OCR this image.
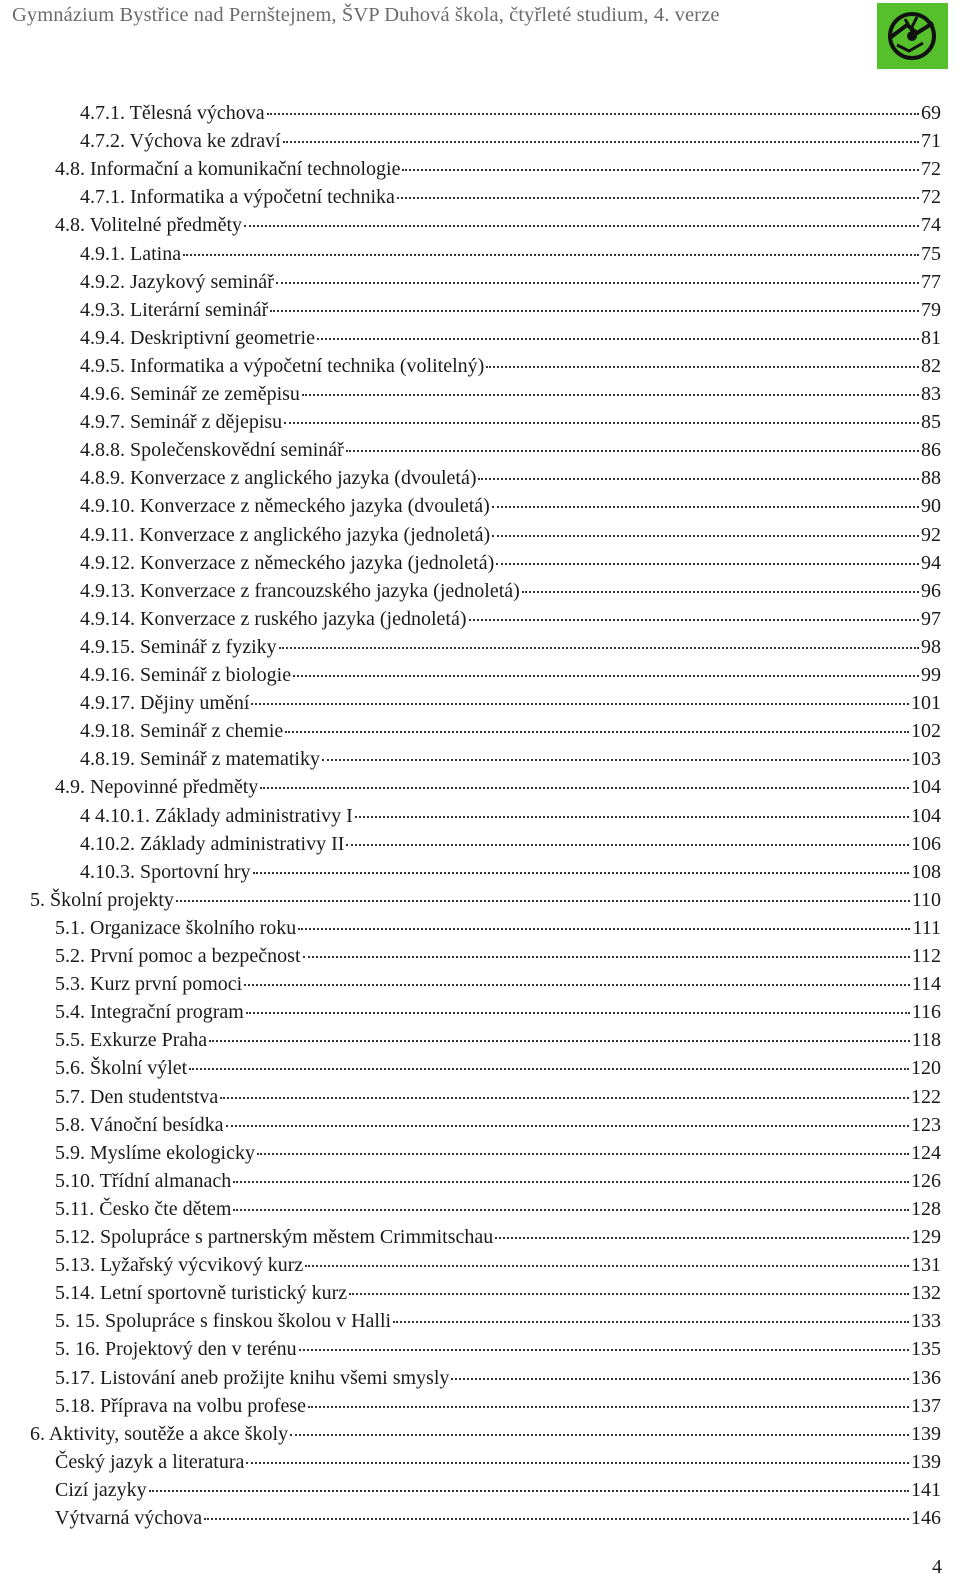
Gymnázium Bystřice nad Pernštejnem, ŠVP Duhová škola, čtyřleté studium, 4. verze
4.7.1. Tělesná výchova	69
4.7.2. Výchova ke zdraví	71
4.8. Informační a komunikační technologie	72
4.7.1. Informatika a výpočetní technika	72
4.8. Volitelné předměty	74
4.9.1. Latina	75
4.9.2. Jazykový seminář	77
4.9.3. Literární seminář	79
4.9.4. Deskriptivní geometrie	81
4.9.5. Informatika a výpočetní technika (volitelný)	82
4.9.6. Seminář ze zeměpisu	83
4.9.7. Seminář z dějepisu	85
4.8.8. Společenskovědní seminář	86
4.8.9. Konverzace z anglického jazyka (dvouletá)	88
4.9.10. Konverzace z německého jazyka (dvouletá)	90
4.9.11. Konverzace z anglického jazyka (jednoletá)	92
4.9.12. Konverzace z německého jazyka (jednoletá)	94
4.9.13. Konverzace z francouzského jazyka (jednoletá)	96
4.9.14. Konverzace z ruského jazyka (jednoletá)	97
4.9.15. Seminář z fyziky	98
4.9.16. Seminář z biologie	99
4.9.17. Dějiny umění	101
4.9.18. Seminář z chemie	102
4.8.19. Seminář z matematiky	103
4.9. Nepovinné předměty	104
4 4.10.1. Základy administrativy I	104
4.10.2. Základy administrativy II	106
4.10.3. Sportovní hry	108
5. Školní projekty	110
5.1. Organizace školního roku	111
5.2. První pomoc a bezpečnost	112
5.3. Kurz první pomoci	114
5.4. Integrační program	116
5.5. Exkurze Praha	118
5.6. Školní výlet	120
5.7. Den studentstva	122
5.8. Vánoční besídka	123
5.9. Myslíme ekologicky	124
5.10. Třídní almanach	126
5.11. Česko čte dětem	128
5.12. Spolupráce s partnerským městem Crimmitschau	129
5.13. Lyžařský výcvikový kurz	131
5.14. Letní sportovně turistický kurz	132
5. 15. Spolupráce s finskou školou v Halli	133
5. 16. Projektový den v terénu	135
5.17. Listování aneb prožijte knihu všemi smysly	136
5.18. Příprava na volbu profese	137
6. Aktivity, soutěže a akce školy	139
Český jazyk a literatura	139
Cizí jazyky	141
Výtvarná výchova	146
4
